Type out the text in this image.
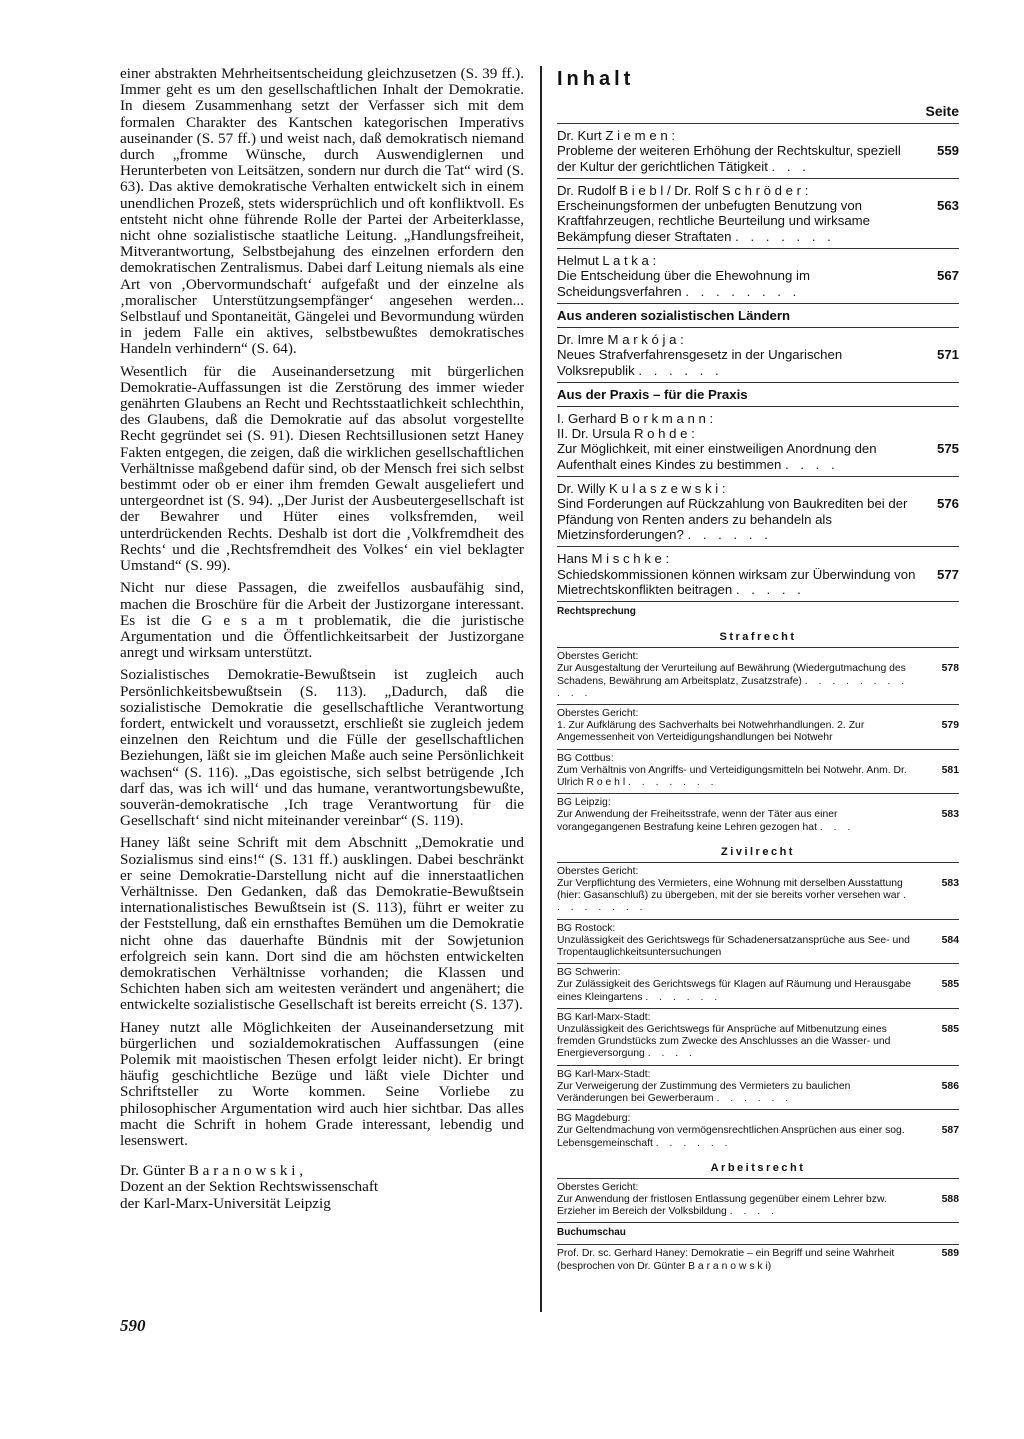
einer abstrakten Mehrheitsentscheidung gleichzusetzen (S. 39 ff.). Immer geht es um den gesellschaftlichen Inhalt der Demokratie. In diesem Zusammenhang setzt der Verfasser sich mit dem formalen Charakter des Kantschen kategorischen Imperativs auseinander (S. 57 ff.) und weist nach, daß demokratisch niemand durch „fromme Wünsche, durch Auswendiglernen und Herunterbeten von Leitsätzen, sondern nur durch die Tat“ wird (S. 63). Das aktive demokratische Verhalten entwickelt sich in einem unendlichen Prozeß, stets widersprüchlich und oft konfliktvoll. Es entsteht nicht ohne führende Rolle der Partei der Arbeiterklasse, nicht ohne sozialistische staatliche Leitung. „Handlungsfreiheit, Mitverantwortung, Selbstbejahung des einzelnen erfordern den demokratischen Zentralismus. Dabei darf Leitung niemals als eine Art von ‚Obervormundschaft‘ aufgefaßt und der einzelne als ‚moralischer Unterstützungsempfänger‘ angesehen werden... Selbstlauf und Spontaneität, Gängelei und Bevormundung würden in jedem Falle ein aktives, selbstbewußtes demokratisches Handeln verhindern“ (S. 64).

Wesentlich für die Auseinandersetzung mit bürgerlichen Demokratie-Auffassungen ist die Zerstörung des immer wieder genährten Glaubens an Recht und Rechtsstaatlichkeit schlechthin, des Glaubens, daß die Demokratie auf das absolut vorgestellte Recht gegründet sei (S. 91). Diesen Rechtsillusionen setzt Haney Fakten entgegen, die zeigen, daß die wirklichen gesellschaftlichen Verhältnisse maßgebend dafür sind, ob der Mensch frei sich selbst bestimmt oder ob er einer ihm fremden Gewalt ausgeliefert und untergeordnet ist (S. 94). „Der Jurist der Ausbeutergesellschaft ist der Bewahrer und Hüter eines volksfremden, weil unterdrückenden Rechts. Deshalb ist dort die ‚Volkfremdheit des Rechts‘ und die ‚Rechtsfremdheit des Volkes‘ ein viel beklagter Umstand“ (S. 99).

Nicht nur diese Passagen, die zweifellos ausbaufähig sind, machen die Broschüre für die Arbeit der Justizorgane interessant. Es ist die G e s a m t problematik, die die juristische Argumentation und die Öffentlichkeitsarbeit der Justizorgane anregt und wirksam unterstützt.

Sozialistisches Demokratie-Bewußtsein ist zugleich auch Persönlichkeitsbewußtsein (S. 113). „Dadurch, daß die sozialistische Demokratie die gesellschaftliche Verantwortung fordert, entwickelt und voraussetzt, erschließt sie zugleich jedem einzelnen den Reichtum und die Fülle der gesellschaftlichen Beziehungen, läßt sie im gleichen Maße auch seine Persönlichkeit wachsen“ (S. 116). „Das egoistische, sich selbst betrügende ‚Ich darf das, was ich will‘ und das humane, verantwortungsbewußte, souverän-demokratische ‚Ich trage Verantwortung für die Gesellschaft‘ sind nicht miteinander vereinbar“ (S. 119).

Haney läßt seine Schrift mit dem Abschnitt „Demokratie und Sozialismus sind eins!“ (S. 131 ff.) ausklingen. Dabei beschränkt er seine Demokratie-Darstellung nicht auf die innerstaatlichen Verhältnisse. Den Gedanken, daß das Demokratie-Bewußtsein internationalistisches Bewußtsein ist (S. 113), führt er weiter zu der Feststellung, daß ein ernsthaftes Bemühen um die Demokratie nicht ohne das dauerhafte Bündnis mit der Sowjetunion erfolgreich sein kann. Dort sind die am höchsten entwickelten demokratischen Verhältnisse vorhanden; die Klassen und Schichten haben sich am weitesten verändert und angenähert; die entwickelte sozialistische Gesellschaft ist bereits erreicht (S. 137).

Haney nutzt alle Möglichkeiten der Auseinandersetzung mit bürgerlichen und sozialdemokratischen Auffassungen (eine Polemik mit maoistischen Thesen erfolgt leider nicht). Er bringt häufig geschichtliche Bezüge und läßt viele Dichter und Schriftsteller zu Worte kommen. Seine Vorliebe zu philosophischer Argumentation wird auch hier sichtbar. Das alles macht die Schrift in hohem Grade interessant, lebendig und lesenswert.

Dr. Günter B a r a n o w s k i ,
Dozent an der Sektion Rechtswissenschaft
der Karl-Marx-Universität Leipzig
590
Inhalt
Seite
Dr. Kurt Z i e m e n :
Probleme der weiteren Erhöhung der Rechtskultur, speziell der Kultur der gerichtlichen Tätigkeit . . .
559
Dr. Rudolf B i e b l / Dr. Rolf S c h r ö d e r :
Erscheinungsformen der unbefugten Benutzung von Kraftfahrzeugen, rechtliche Beurteilung und wirksame Bekämpfung dieser Straftaten . . . . . . .
563
Helmut L a t k a :
Die Entscheidung über die Ehewohnung im Scheidungsverfahren . . . . . . . .
567
Aus anderen sozialistischen Ländern
Dr. Imre M a r k ó j a :
Neues Strafverfahrensgesetz in der Ungarischen Volksrepublik . . . . . .
571
Aus der Praxis – für die Praxis
I. Gerhard B o r k m a n n :
II. Dr. Ursula R o h d e :
Zur Möglichkeit, mit einer einstweiligen Anordnung den Aufenthalt eines Kindes zu bestimmen . . . .
575
Dr. Willy K u l a s z e w s k i :
Sind Forderungen auf Rückzahlung von Baukrediten bei der Pfändung von Renten anders zu behandeln als Mietzinsforderungen? . . . . . .
576
Hans M i s c h k e :
Schiedskommissionen können wirksam zur Überwindung von Mietrechtskonflikten beitragen . . . . .
577
Rechtsprechung
Strafrecht
Oberstes Gericht:
Zur Ausgestaltung der Verurteilung auf Bewährung (Wiedergutmachung des Schadens, Bewährung am Arbeitsplatz, Zusatzstrafe) . . . . . . . . . . .
578
Oberstes Gericht:
1. Zur Aufklärung des Sachverhalts bei Notwehrhandlungen. 2. Zur Angemessenheit von Verteidigungshandlungen bei Notwehr
579
BG Cottbus:
Zum Verhältnis von Angriffs- und Verteidigungsmitteln bei Notwehr. Anm. Dr. Ulrich R o e h l . . . . . . .
581
BG Leipzig:
Zur Anwendung der Freiheitsstrafe, wenn der Täter aus einer vorangegangenen Bestrafung keine Lehren gezogen hat . . .
583
Zivilrecht
Oberstes Gericht:
Zur Verpflichtung des Vermieters, eine Wohnung mit derselben Ausstattung (hier: Gasanschluß) zu übergeben, mit der sie bereits vorher versehen war . . . . . . . .
583
BG Rostock:
Unzulässigkeit des Gerichtswegs für Schadenersatzansprüche aus See- und Tropentauglichkeitsuntersuchungen
584
BG Schwerin:
Zur Zulässigkeit des Gerichtswegs für Klagen auf Räumung und Herausgabe eines Kleingartens . . . . . .
585
BG Karl-Marx-Stadt:
Unzulässigkeit des Gerichtswegs für Ansprüche auf Mitbenutzung eines fremden Grundstücks zum Zwecke des Anschlusses an die Wasser- und Energieversorgung . . . .
585
BG Karl-Marx-Stadt:
Zur Verweigerung der Zustimmung des Vermieters zu baulichen Veränderungen bei Gewerberaum . . . . . .
586
BG Magdeburg:
Zur Geltendmachung von vermögensrechtlichen Ansprüchen aus einer sog. Lebensgemeinschaft . . . . . .
587
Arbeitsrecht
Oberstes Gericht:
Zur Anwendung der fristlosen Entlassung gegenüber einem Lehrer bzw. Erzieher im Bereich der Volksbildung . . . .
588
Buchumschau
Prof. Dr. sc. Gerhard Haney: Demokratie – ein Begriff und seine Wahrheit (besprochen von Dr. Günter B a r a n o w s k i)
589
